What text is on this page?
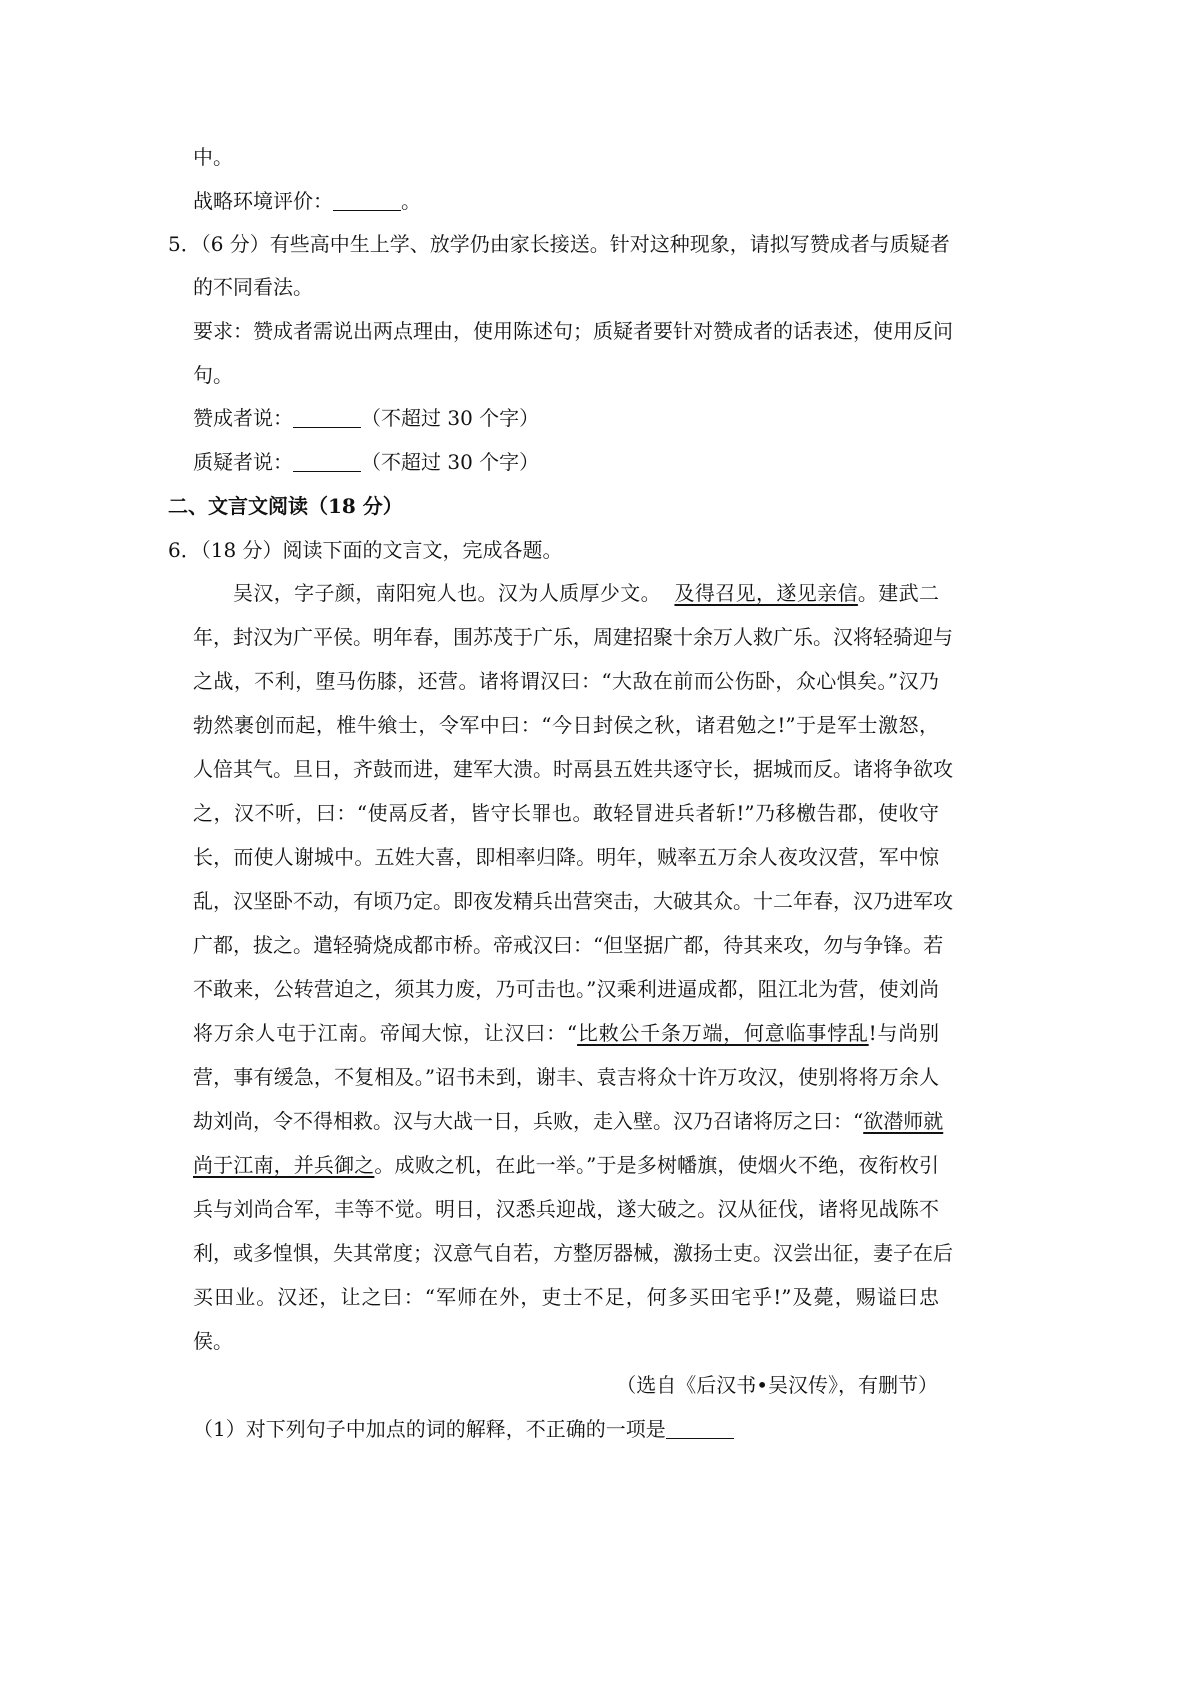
中。
战略环境评价：	。
5．（6 分）有些高中生上学、放学仍由家长接送。针对这种现象，请拟写赞成者与质疑者
的不同看法。
要求：赞成者需说出两点理由，使用陈述句；质疑者要针对赞成者的话表述，使用反问
句。
赞成者说：	（不超过 30 个字）
质疑者说：	（不超过 30 个字）
二、文言文阅读（18 分）
6．（18 分）阅读下面的文言文，完成各题。
吴汉，字子颜，南阳宛人也。汉为人质厚少文。 及得召见，遂见亲信。建武二
年，封汉为广平侯。明年春，围苏茂于广乐，周建招聚十余万人救广乐。汉将轻骑迎与
之战，不利，堕马伤膝，还营。诸将谓汉曰：“大敌在前而公伤卧，众心惧矣。”汉乃
勃然裹创而起，椎牛飨士，令军中曰：“今日封侯之秋，诸君勉之!”于是军士激怒，
人倍其气。旦日，齐鼓而进，建军大溃。时鬲县五姓共逐守长，据城而反。诸将争欲攻
之，汉不听，曰：“使鬲反者，皆守长罪也。敢轻冒进兵者斩!”乃移檄告郡，使收守
长，而使人谢城中。五姓大喜，即相率归降。明年，贼率五万余人夜攻汉营，军中惊
乱，汉坚卧不动，有顷乃定。即夜发精兵出营突击，大破其众。十二年春，汉乃进军攻
广都，拔之。遣轻骑烧成都市桥。帝戒汉曰：“但坚据广都，待其来攻，勿与争锋。若
不敢来，公转营迫之，须其力废，乃可击也。”汉乘利进逼成都，阻江北为营，使刘尚
将万余人屯于江南。帝闻大惊，让汉曰：“比敕公千条万端，何意临事悖乱!与尚别
营，事有缓急，不复相及。”诏书未到，谢丰、袁吉将众十许万攻汉，使别将将万余人
劫刘尚，令不得相救。汉与大战一日，兵败，走入壁。汉乃召诸将厉之曰：“欲潜师就
尚于江南，并兵御之。成败之机，在此一举。”于是多树幡旗，使烟火不绝，夜衔枚引
兵与刘尚合军，丰等不觉。明日，汉悉兵迎战，遂大破之。汉从征伐，诸将见战陈不
利，或多惶惧，失其常度；汉意气自若，方整厉器械，激扬士吏。汉尝出征，妻子在后
买田业。汉还，让之曰：“军师在外，吏士不足，何多买田宅乎!”及薨，赐谥曰忠
侯。
（选自《后汉书•吴汉传》，有删节）
（1）对下列句子中加点的词的解释，不正确的一项是
